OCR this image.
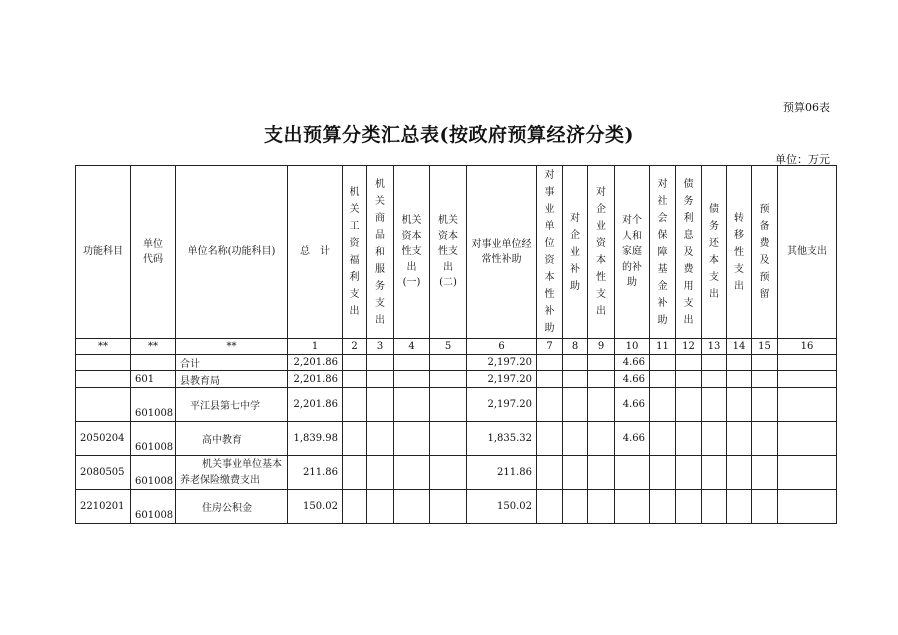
预算06表
支出预算分类汇总表(按政府预算经济分类)
单位：万元
功能科目	单位代码	单位名称(功能科目)	总　计	机关工资福利支出	机关商品和服务支出	机关资本性支出(一)	机关资本性支出(二)	对事业单位经常性补助	对事业单位资本性补助	对企业补助	对企业资本性支出	对个人和家庭的补助	对社会保障基金补助	债务利息及费用支出	债务还本支出	转移性支出	预备费及预留	其他支出
**	**	**	1	2	3	4	5	6	7	8	9	10	11	12	13	14	15	16
		合计	2,201.86					2,197.20				4.66						
	601	县教育局	2,201.86					2,197.20				4.66						
	601008	平江县第七中学	2,201.86					2,197.20				4.66						
2050204	601008	高中教育	1,839.98					1,835.32				4.66						
2080505	601008	机关事业单位基本养老保险缴费支出	211.86					211.86										
2210201	601008	住房公积金	150.02					150.02										
